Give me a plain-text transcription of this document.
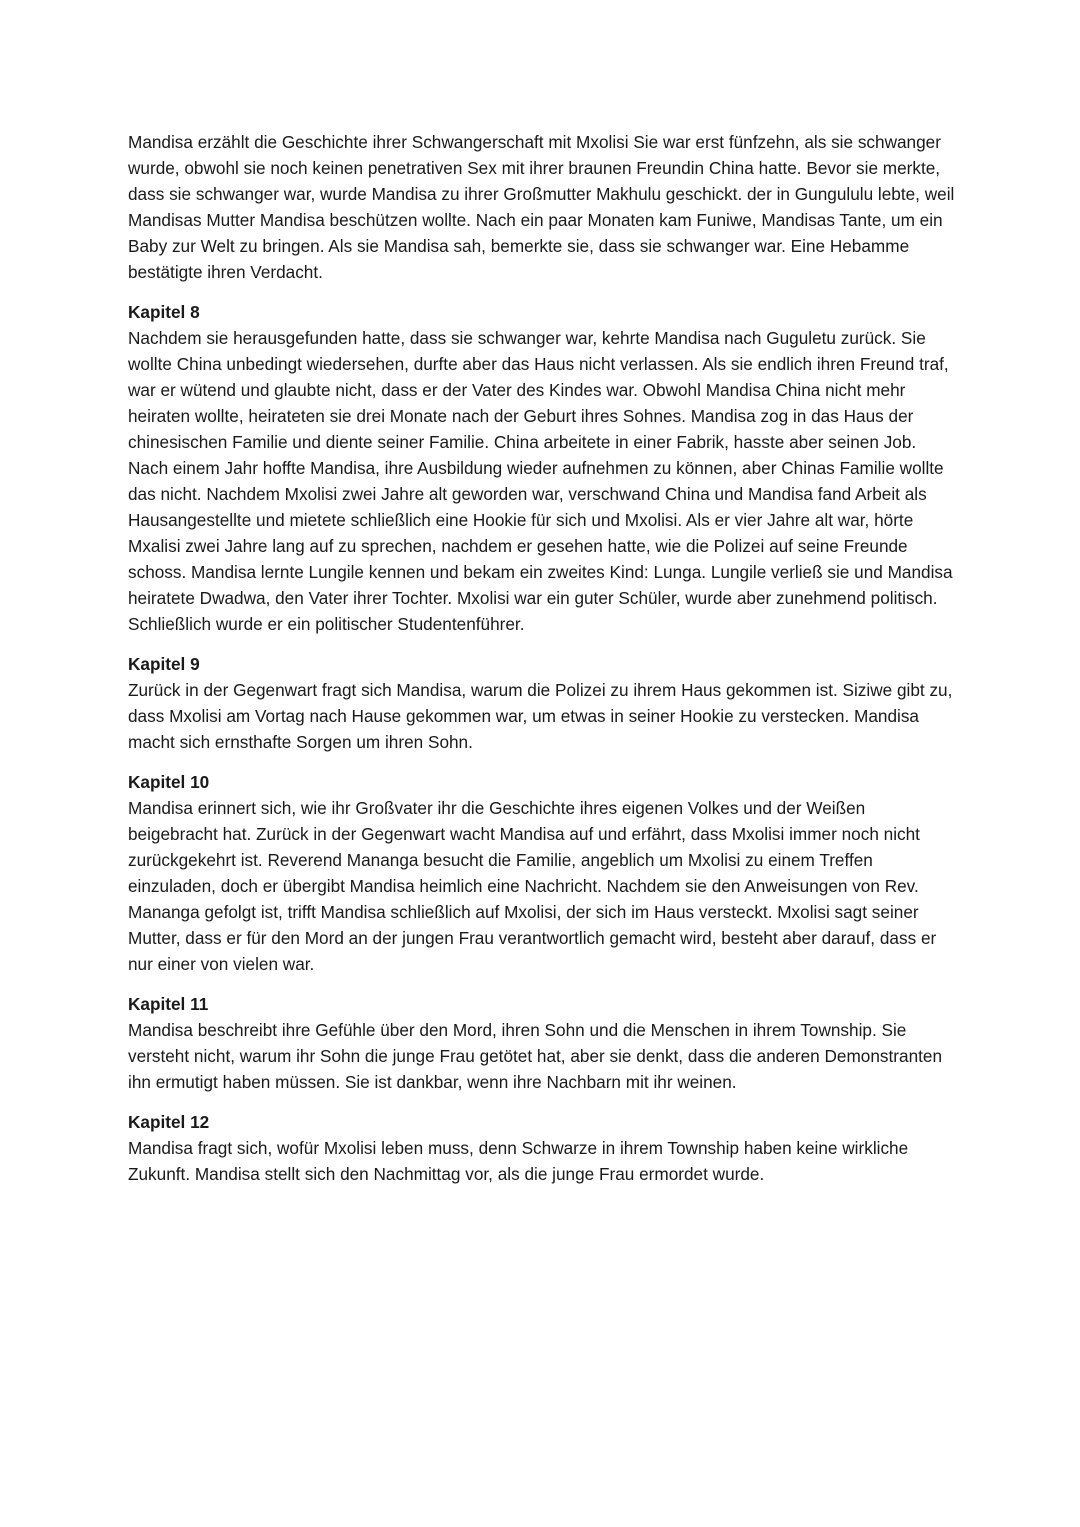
Mandisa erzählt die Geschichte ihrer Schwangerschaft mit Mxolisi Sie war erst fünfzehn, als sie schwanger wurde, obwohl sie noch keinen penetrativen Sex mit ihrer braunen Freundin China hatte. Bevor sie merkte, dass sie schwanger war, wurde Mandisa zu ihrer Großmutter Makhulu geschickt. der in Gungululu lebte, weil Mandisas Mutter Mandisa beschützen wollte. Nach ein paar Monaten kam Funiwe, Mandisas Tante, um ein Baby zur Welt zu bringen. Als sie Mandisa sah, bemerkte sie, dass sie schwanger war. Eine Hebamme bestätigte ihren Verdacht.

Kapitel 8

Nachdem sie herausgefunden hatte, dass sie schwanger war, kehrte Mandisa nach Guguletu zurück. Sie wollte China unbedingt wiedersehen, durfte aber das Haus nicht verlassen. Als sie endlich ihren Freund traf, war er wütend und glaubte nicht, dass er der Vater des Kindes war. Obwohl Mandisa China nicht mehr heiraten wollte, heirateten sie drei Monate nach der Geburt ihres Sohnes. Mandisa zog in das Haus der chinesischen Familie und diente seiner Familie. China arbeitete in einer Fabrik, hasste aber seinen Job. Nach einem Jahr hoffte Mandisa, ihre Ausbildung wieder aufnehmen zu können, aber Chinas Familie wollte das nicht. Nachdem Mxolisi zwei Jahre alt geworden war, verschwand China und Mandisa fand Arbeit als Hausangestellte und mietete schließlich eine Hookie für sich und Mxolisi. Als er vier Jahre alt war, hörte Mxalisi zwei Jahre lang auf zu sprechen, nachdem er gesehen hatte, wie die Polizei auf seine Freunde schoss. Mandisa lernte Lungile kennen und bekam ein zweites Kind: Lunga. Lungile verließ sie und Mandisa heiratete Dwadwa, den Vater ihrer Tochter. Mxolisi war ein guter Schüler, wurde aber zunehmend politisch. Schließlich wurde er ein politischer Studentenführer.

Kapitel 9

Zurück in der Gegenwart fragt sich Mandisa, warum die Polizei zu ihrem Haus gekommen ist. Siziwe gibt zu, dass Mxolisi am Vortag nach Hause gekommen war, um etwas in seiner Hookie zu verstecken. Mandisa macht sich ernsthafte Sorgen um ihren Sohn.

Kapitel 10

Mandisa erinnert sich, wie ihr Großvater ihr die Geschichte ihres eigenen Volkes und der Weißen beigebracht hat. Zurück in der Gegenwart wacht Mandisa auf und erfährt, dass Mxolisi immer noch nicht zurückgekehrt ist. Reverend Mananga besucht die Familie, angeblich um Mxolisi zu einem Treffen einzuladen, doch er übergibt Mandisa heimlich eine Nachricht. Nachdem sie den Anweisungen von Rev. Mananga gefolgt ist, trifft Mandisa schließlich auf Mxolisi, der sich im Haus versteckt. Mxolisi sagt seiner Mutter, dass er für den Mord an der jungen Frau verantwortlich gemacht wird, besteht aber darauf, dass er nur einer von vielen war.

Kapitel 11

Mandisa beschreibt ihre Gefühle über den Mord, ihren Sohn und die Menschen in ihrem Township. Sie versteht nicht, warum ihr Sohn die junge Frau getötet hat, aber sie denkt, dass die anderen Demonstranten ihn ermutigt haben müssen. Sie ist dankbar, wenn ihre Nachbarn mit ihr weinen.

Kapitel 12

Mandisa fragt sich, wofür Mxolisi leben muss, denn Schwarze in ihrem Township haben keine wirkliche Zukunft. Mandisa stellt sich den Nachmittag vor, als die junge Frau ermordet wurde.
